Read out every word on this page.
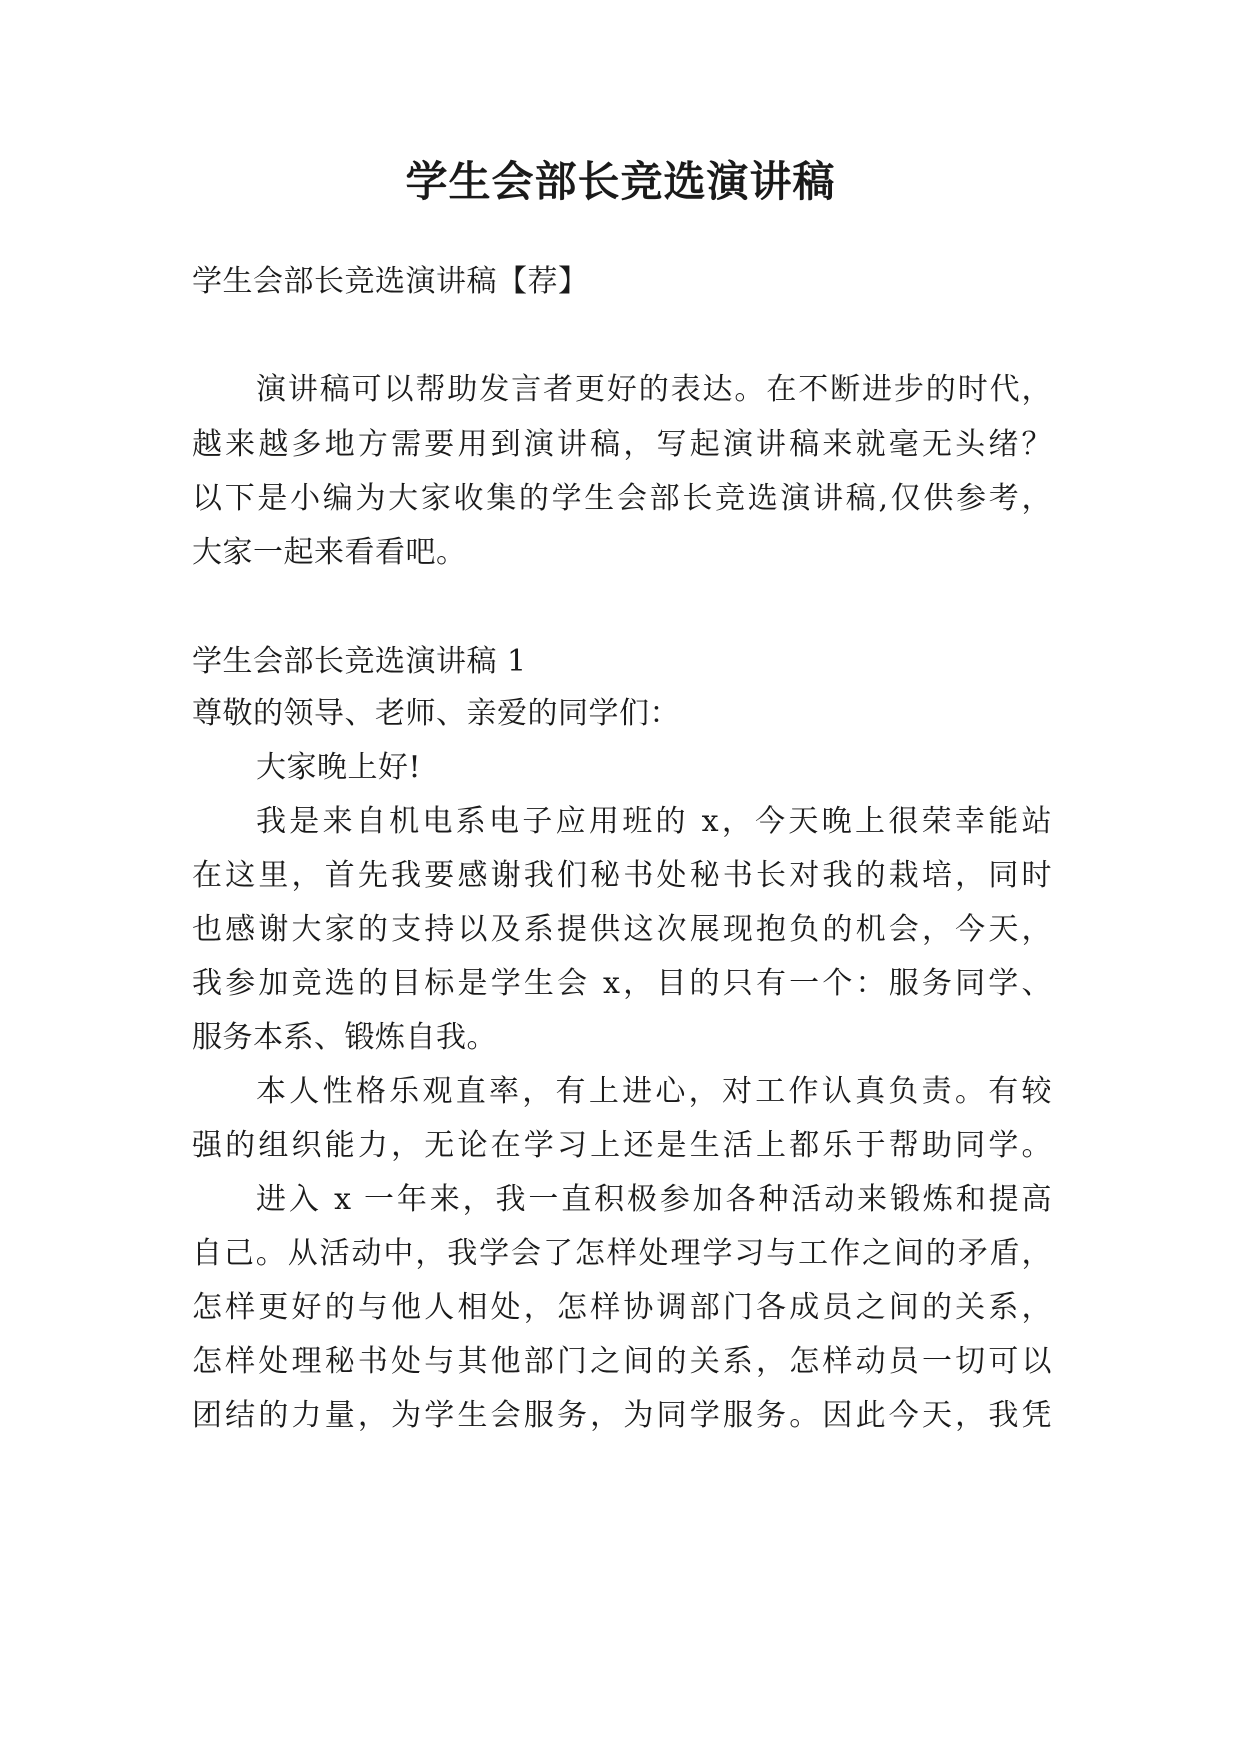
学生会部长竞选演讲稿
学生会部长竞选演讲稿【荐】
演讲稿可以帮助发言者更好的表达。在不断进步的时代，
越来越多地方需要用到演讲稿，写起演讲稿来就毫无头绪？
以下是小编为大家收集的学生会部长竞选演讲稿,仅供参考，
大家一起来看看吧。
学生会部长竞选演讲稿 1
尊敬的领导、老师、亲爱的同学们：
大家晚上好!
我是来自机电系电子应用班的 x，今天晚上很荣幸能站
在这里，首先我要感谢我们秘书处秘书长对我的栽培，同时
也感谢大家的支持以及系提供这次展现抱负的机会，今天，
我参加竞选的目标是学生会 x，目的只有一个：服务同学、
服务本系、锻炼自我。
本人性格乐观直率，有上进心，对工作认真负责。有较
强的组织能力，无论在学习上还是生活上都乐于帮助同学。
进入 x 一年来，我一直积极参加各种活动来锻炼和提高
自己。从活动中，我学会了怎样处理学习与工作之间的矛盾，
怎样更好的与他人相处，怎样协调部门各成员之间的关系，
怎样处理秘书处与其他部门之间的关系，怎样动员一切可以
团结的力量，为学生会服务，为同学服务。因此今天，我凭
